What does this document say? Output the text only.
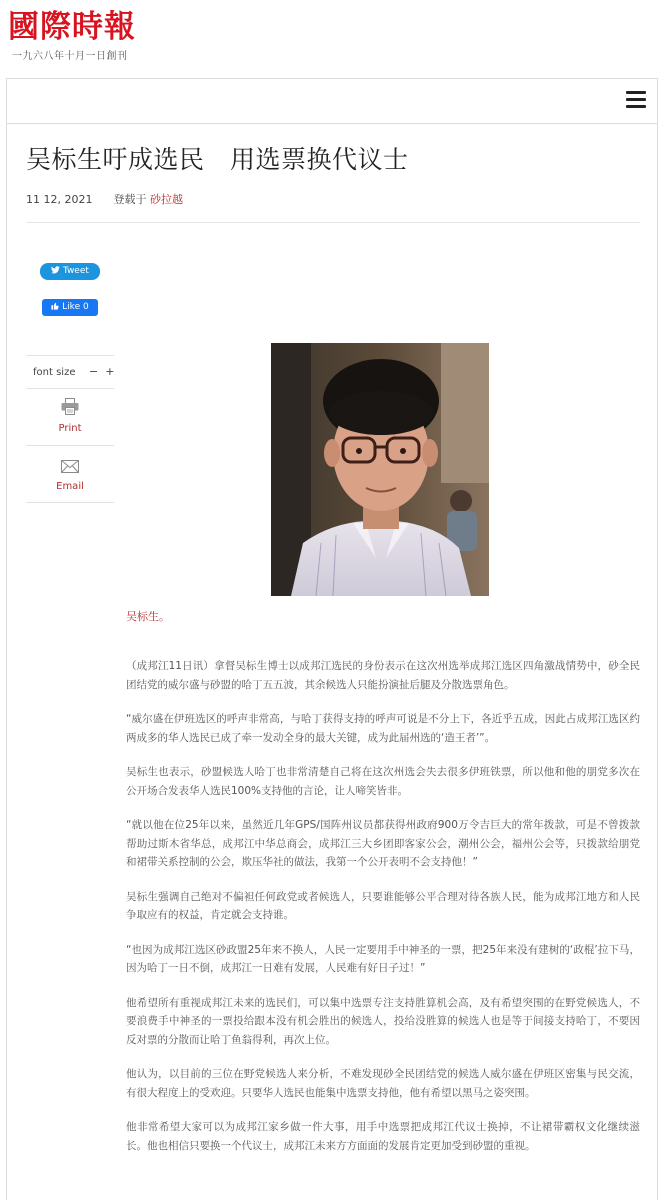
國際時報
一九六八年十月一日創刊
吴标生吁成选民　用选票换代议士
11 12, 2021 登载于 砂拉越
Tweet
Like 0
font size − +
Print
Email
吴标生。

（成邦江11日讯）拿督吴标生博士以成邦江选民的身份表示在这次州选举成邦江选区四角激战情势中，砂全民团结党的威尔盛与砂盟的哈丁五五波，其余候选人只能扮演扯后腿及分散选票角色。

“威尔盛在伊班选区的呼声非常高，与哈丁获得支持的呼声可说是不分上下，各近乎五成，因此占成邦江选区约两成多的华人选民已成了牵一发动全身的最大关键，成为此届州选的‘造王者’”。

吴标生也表示，砂盟候选人哈丁也非常清楚自己将在这次州选会失去很多伊班铁票，所以他和他的朋党多次在公开场合发表华人选民100%支持他的言论，让人啼笑皆非。

“就以他在位25年以来，虽然近几年GPS/国阵州议员都获得州政府900万令吉巨大的常年拨款，可是不曾拨款帮助过斯木省华总，成邦江中华总商会，成邦江三大乡团即客家公会，潮州公会，福州公会等，只拨款给朋党和裙带关系控制的公会，欺压华社的做法，我第一个公开表明不会支持他！”

吴标生强调自己绝对不偏袒任何政党或者候选人，只要谁能够公平合理对待各族人民，能为成邦江地方和人民争取应有的权益，肯定就会支持谁。

“也因为成邦江选区砂政盟25年来不换人，人民一定要用手中神圣的一票，把25年来没有建树的‘政棍’拉下马，因为哈丁一日不倒，成邦江一日难有发展，人民难有好日子过！”

他希望所有重视成邦江未来的选民们，可以集中选票专注支持胜算机会高，及有希望突围的在野党候选人，不要浪费手中神圣的一票投给跟本没有机会胜出的候选人，投给没胜算的候选人也是等于间接支持哈丁，不要因反对票的分散而让哈丁鱼翁得利，再次上位。

他认为，以目前的三位在野党候选人来分析，不难发现砂全民团结党的候选人威尔盛在伊班区密集与民交流，有很大程度上的受欢迎。只要华人选民也能集中选票支持他，他有希望以黑马之姿突围。

他非常希望大家可以为成邦江家乡做一件大事，用手中选票把成邦江代议士换掉，不让裙带霸权文化继续滋长。他也相信只要换一个代议士，成邦江未来方方面面的发展肯定更加受到砂盟的重视。
